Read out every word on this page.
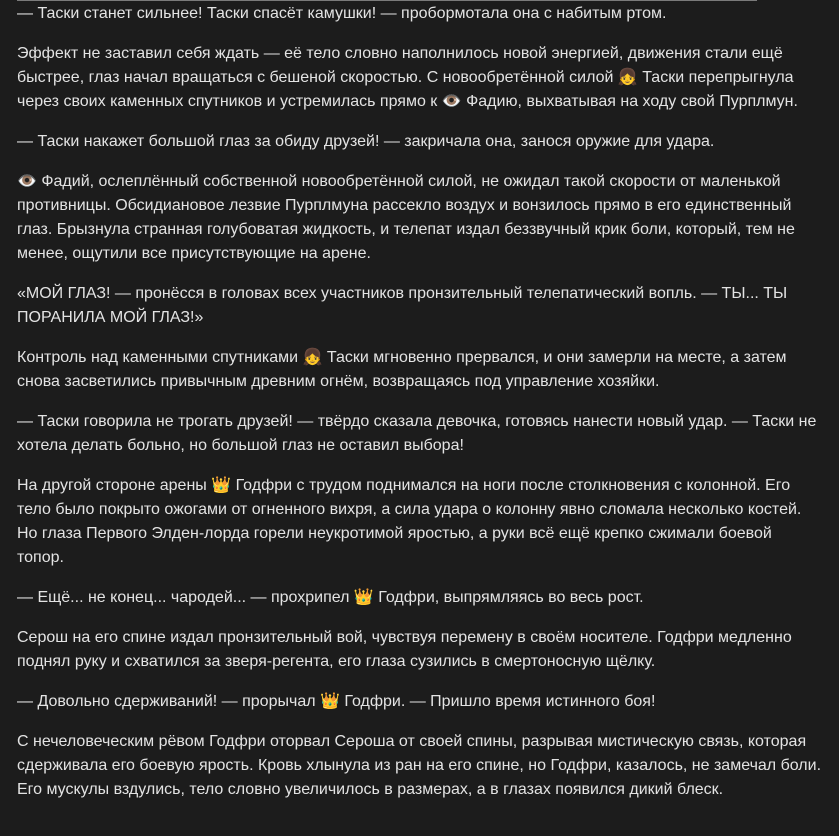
— Таски станет сильнее! Таски спасёт камушки! — пробормотала она с набитым ртом.

Эффект не заставил себя ждать — её тело словно наполнилось новой энергией, движения стали ещё быстрее, глаз начал вращаться с бешеной скоростью. С новообретённой силой 👧 Таски перепрыгнула через своих каменных спутников и устремилась прямо к 👁️ Фадию, выхватывая на ходу свой Пурплмун.

— Таски накажет большой глаз за обиду друзей! — закричала она, занося оружие для удара.

👁️ Фадий, ослеплённый собственной новообретённой силой, не ожидал такой скорости от маленькой противницы. Обсидиановое лезвие Пурплмуна рассекло воздух и вонзилось прямо в его единственный глаз. Брызнула странная голубоватая жидкость, и телепат издал беззвучный крик боли, который, тем не менее, ощутили все присутствующие на арене.

«МОЙ ГЛАЗ! — пронёсся в головах всех участников пронзительный телепатический вопль. — ТЫ... ТЫ ПОРАНИЛА МОЙ ГЛАЗ!»

Контроль над каменными спутниками 👧 Таски мгновенно прервался, и они замерли на месте, а затем снова засветились привычным древним огнём, возвращаясь под управление хозяйки.

— Таски говорила не трогать друзей! — твёрдо сказала девочка, готовясь нанести новый удар. — Таски не хотела делать больно, но большой глаз не оставил выбора!

На другой стороне арены 👑 Годфри с трудом поднимался на ноги после столкновения с колонной. Его тело было покрыто ожогами от огненного вихря, а сила удара о колонну явно сломала несколько костей. Но глаза Первого Элден-лорда горели неукротимой яростью, а руки всё ещё крепко сжимали боевой топор.

— Ещё... не конец... чародей... — прохрипел 👑 Годфри, выпрямляясь во весь рост.

Серош на его спине издал пронзительный вой, чувствуя перемену в своём носителе. Годфри медленно поднял руку и схватился за зверя-регента, его глаза сузились в смертоносную щёлку.

— Довольно сдерживаний! — прорычал 👑 Годфри. — Пришло время истинного боя!

С нечеловеческим рёвом Годфри оторвал Сероша от своей спины, разрывая мистическую связь, которая сдерживала его боевую ярость. Кровь хлынула из ран на его спине, но Годфри, казалось, не замечал боли. Его мускулы вздулись, тело словно увеличилось в размерах, а в глазах появился дикий блеск.
